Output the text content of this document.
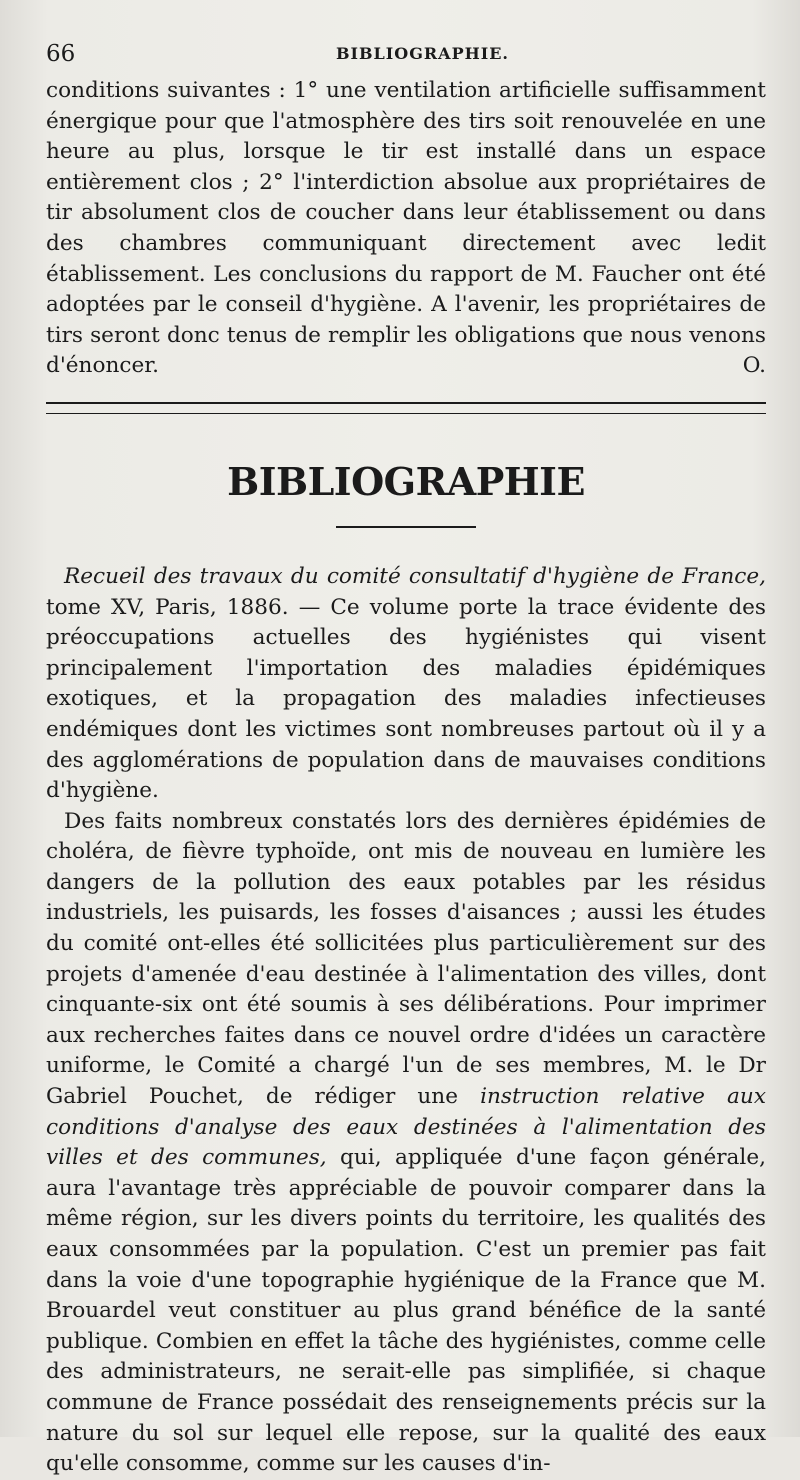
66	BIBLIOGRAPHIE.

conditions suivantes : 1° une ventilation artificielle suffisamment énergique pour que l'atmosphère des tirs soit renouvelée en une heure au plus, lorsque le tir est installé dans un espace entièrement clos ; 2° l'interdiction absolue aux propriétaires de tir absolument clos de coucher dans leur établissement ou dans des chambres communiquant directement avec ledit établissement. Les conclusions du rapport de M. Faucher ont été adoptées par le conseil d'hygiène. A l'avenir, les propriétaires de tirs seront donc tenus de remplir les obligations que nous venons d'énoncer.	O.

BIBLIOGRAPHIE

Recueil des travaux du comité consultatif d'hygiène de France, tome XV, Paris, 1886. — Ce volume porte la trace évidente des préoccupations actuelles des hygiénistes qui visent principalement l'importation des maladies épidémiques exotiques, et la propagation des maladies infectieuses endémiques dont les victimes sont nombreuses partout où il y a des agglomérations de population dans de mauvaises conditions d'hygiène.

Des faits nombreux constatés lors des dernières épidémies de choléra, de fièvre typhoïde, ont mis de nouveau en lumière les dangers de la pollution des eaux potables par les résidus industriels, les puisards, les fosses d'aisances ; aussi les études du comité ont-elles été sollicitées plus particulièrement sur des projets d'amenée d'eau destinée à l'alimentation des villes, dont cinquante-six ont été soumis à ses délibérations. Pour imprimer aux recherches faites dans ce nouvel ordre d'idées un caractère uniforme, le Comité a chargé l'un de ses membres, M. le Dr Gabriel Pouchet, de rédiger une instruction relative aux conditions d'analyse des eaux destinées à l'alimentation des villes et des communes, qui, appliquée d'une façon générale, aura l'avantage très appréciable de pouvoir comparer dans la même région, sur les divers points du territoire, les qualités des eaux consommées par la population. C'est un premier pas fait dans la voie d'une topographie hygiénique de la France que M. Brouardel veut constituer au plus grand bénéfice de la santé publique. Combien en effet la tâche des hygiénistes, comme celle des administrateurs, ne serait-elle pas simplifiée, si chaque commune de France possédait des renseignements précis sur la nature du sol sur lequel elle repose, sur la qualité des eaux qu'elle consomme, comme sur les causes d'in-
